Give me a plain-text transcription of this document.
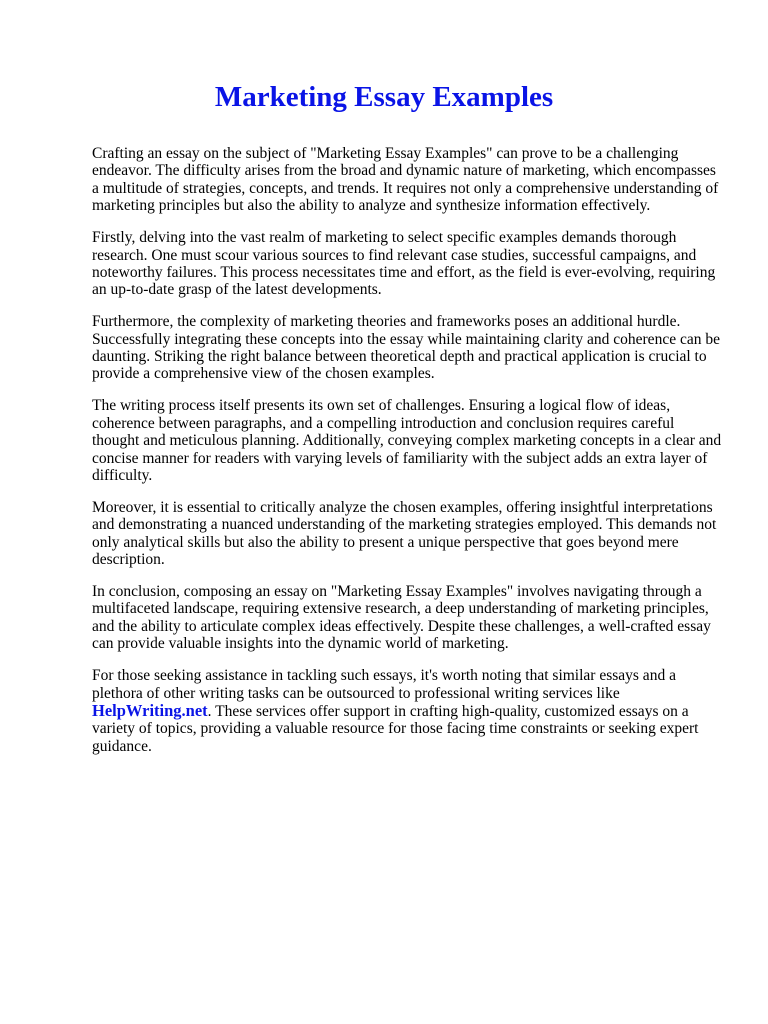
Marketing Essay Examples

Crafting an essay on the subject of "Marketing Essay Examples" can prove to be a challenging endeavor. The difficulty arises from the broad and dynamic nature of marketing, which encompasses a multitude of strategies, concepts, and trends. It requires not only a comprehensive understanding of marketing principles but also the ability to analyze and synthesize information effectively.

Firstly, delving into the vast realm of marketing to select specific examples demands thorough research. One must scour various sources to find relevant case studies, successful campaigns, and noteworthy failures. This process necessitates time and effort, as the field is ever-evolving, requiring an up-to-date grasp of the latest developments.

Furthermore, the complexity of marketing theories and frameworks poses an additional hurdle. Successfully integrating these concepts into the essay while maintaining clarity and coherence can be daunting. Striking the right balance between theoretical depth and practical application is crucial to provide a comprehensive view of the chosen examples.

The writing process itself presents its own set of challenges. Ensuring a logical flow of ideas, coherence between paragraphs, and a compelling introduction and conclusion requires careful thought and meticulous planning. Additionally, conveying complex marketing concepts in a clear and concise manner for readers with varying levels of familiarity with the subject adds an extra layer of difficulty.

Moreover, it is essential to critically analyze the chosen examples, offering insightful interpretations and demonstrating a nuanced understanding of the marketing strategies employed. This demands not only analytical skills but also the ability to present a unique perspective that goes beyond mere description.

In conclusion, composing an essay on "Marketing Essay Examples" involves navigating through a multifaceted landscape, requiring extensive research, a deep understanding of marketing principles, and the ability to articulate complex ideas effectively. Despite these challenges, a well-crafted essay can provide valuable insights into the dynamic world of marketing.

For those seeking assistance in tackling such essays, it's worth noting that similar essays and a plethora of other writing tasks can be outsourced to professional writing services like HelpWriting.net. These services offer support in crafting high-quality, customized essays on a variety of topics, providing a valuable resource for those facing time constraints or seeking expert guidance.
